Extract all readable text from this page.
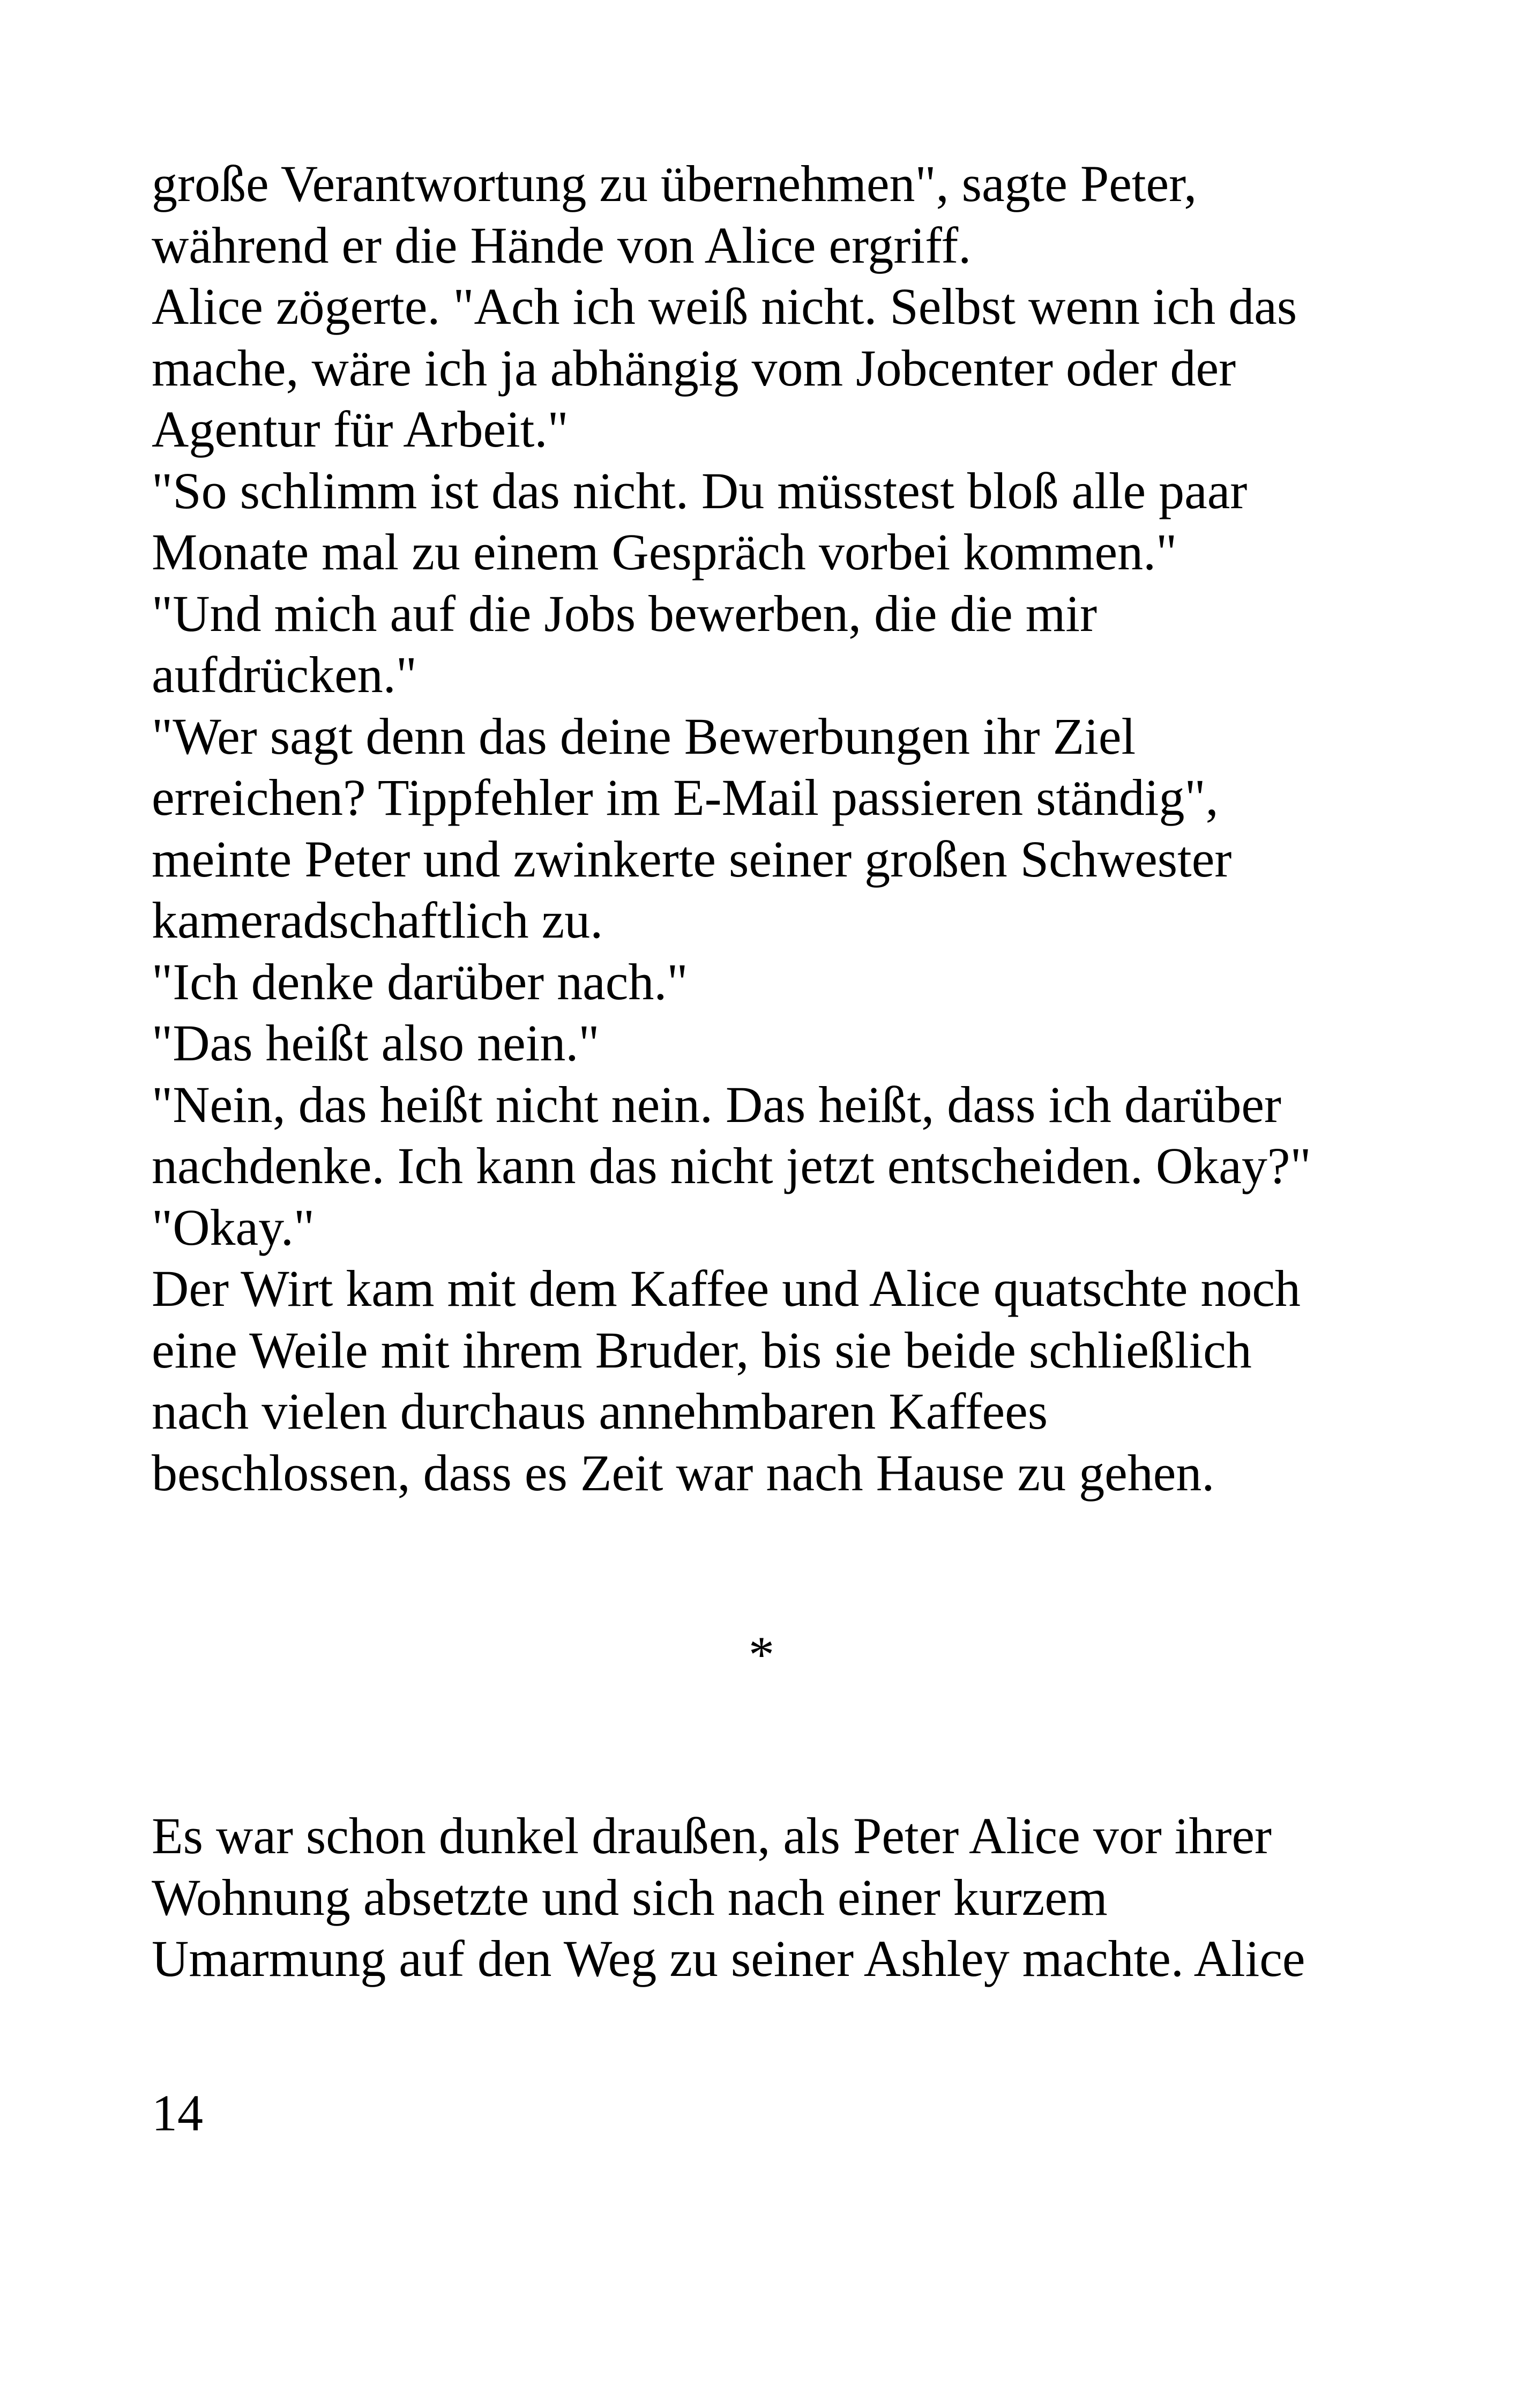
große Verantwortung zu übernehmen", sagte Peter,
während er die Hände von Alice ergriff.
Alice zögerte. "Ach ich weiß nicht. Selbst wenn ich das
mache, wäre ich ja abhängig vom Jobcenter oder der
Agentur für Arbeit."
"So schlimm ist das nicht. Du müsstest bloß alle paar
Monate mal zu einem Gespräch vorbei kommen."
"Und mich auf die Jobs bewerben, die die mir
aufdrücken."
"Wer sagt denn das deine Bewerbungen ihr Ziel
erreichen? Tippfehler im E-Mail passieren ständig",
meinte Peter und zwinkerte seiner großen Schwester
kameradschaftlich zu.
"Ich denke darüber nach."
"Das heißt also nein."
"Nein, das heißt nicht nein. Das heißt, dass ich darüber
nachdenke. Ich kann das nicht jetzt entscheiden. Okay?"
"Okay."
Der Wirt kam mit dem Kaffee und Alice quatschte noch
eine Weile mit ihrem Bruder, bis sie beide schließlich
nach vielen durchaus annehmbaren Kaffees
beschlossen, dass es Zeit war nach Hause zu gehen.
*
Es war schon dunkel draußen, als Peter Alice vor ihrer
Wohnung absetzte und sich nach einer kurzem
Umarmung auf den Weg zu seiner Ashley machte. Alice
14
